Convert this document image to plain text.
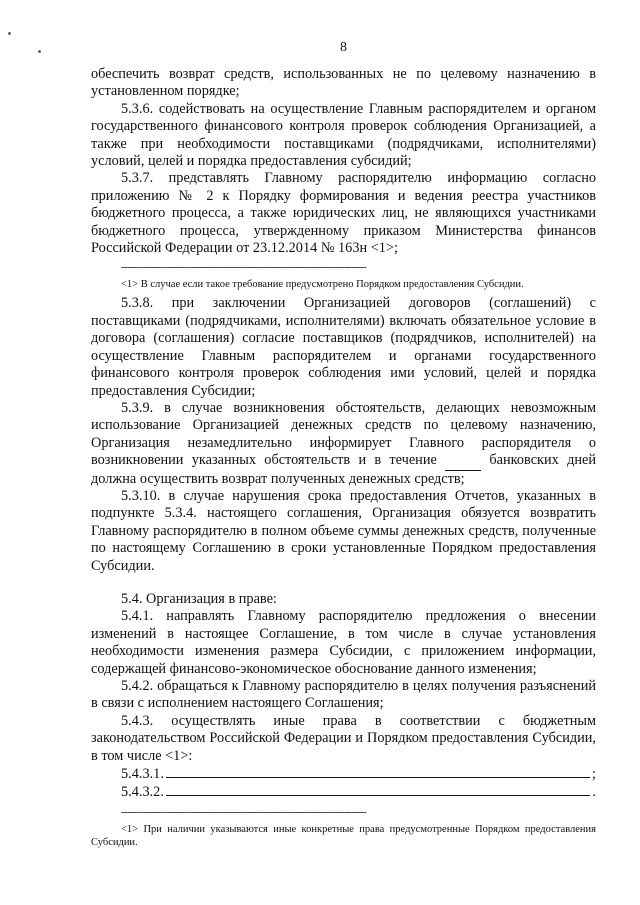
8

обеспечить возврат средств, использованных не по целевому назначению в установленном порядке;

5.3.6. содействовать на осуществление Главным распорядителем и органом государственного финансового контроля проверок соблюдения Организацией, а также при необходимости поставщиками (подрядчиками, исполнителями) условий, целей и порядка предоставления субсидий;

5.3.7. представлять Главному распорядителю информацию согласно приложению № 2 к Порядку формирования и ведения реестра участников бюджетного процесса, а также юридических лиц, не являющихся участниками бюджетного процесса, утвержденному приказом Министерства финансов Российской Федерации от 23.12.2014 № 163н <1>;

--------------------------------------------------------------------------------

<1> В случае если такое требование предусмотрено Порядком предоставления Субсидии.

5.3.8. при заключении Организацией договоров (соглашений) с поставщиками (подрядчиками, исполнителями) включать обязательное условие в договора (соглашения) согласие поставщиков (подрядчиков, исполнителей) на осуществление Главным распорядителем и органами государственного финансового контроля проверок соблюдения ими условий, целей и порядка предоставления Субсидии;

5.3.9. в случае возникновения обстоятельств, делающих невозможным использование Организацией денежных средств по целевому назначению, Организация незамедлительно информирует Главного распорядителя о возникновении указанных обстоятельств и в течение	банковских дней должна осуществить возврат полученных денежных средств;

5.3.10. в случае нарушения срока предоставления Отчетов, указанных в подпункте 5.3.4. настоящего соглашения, Организация обязуется возвратить Главному распорядителю в полном объеме суммы денежных средств, полученные по настоящему Соглашению в сроки установленные Порядком предоставления Субсидии.

5.4. Организация в праве:

5.4.1. направлять Главному распорядителю предложения о внесении изменений в настоящее Соглашение, в том числе в случае установления необходимости изменения размера Субсидии, с приложением информации, содержащей финансово-экономическое обоснование данного изменения;

5.4.2. обращаться к Главному распорядителю в целях получения разъяснений в связи с исполнением настоящего Соглашения;

5.4.3. осуществлять иные права в соответствии с бюджетным законодательством Российской Федерации и Порядком предоставления Субсидии, в том числе <1>:

5.4.3.1.	;
5.4.3.2.	.
--------------------------------------------------------------------------------

<1> При наличии указываются иные конкретные права предусмотренные Порядком предоставления Субсидии.
